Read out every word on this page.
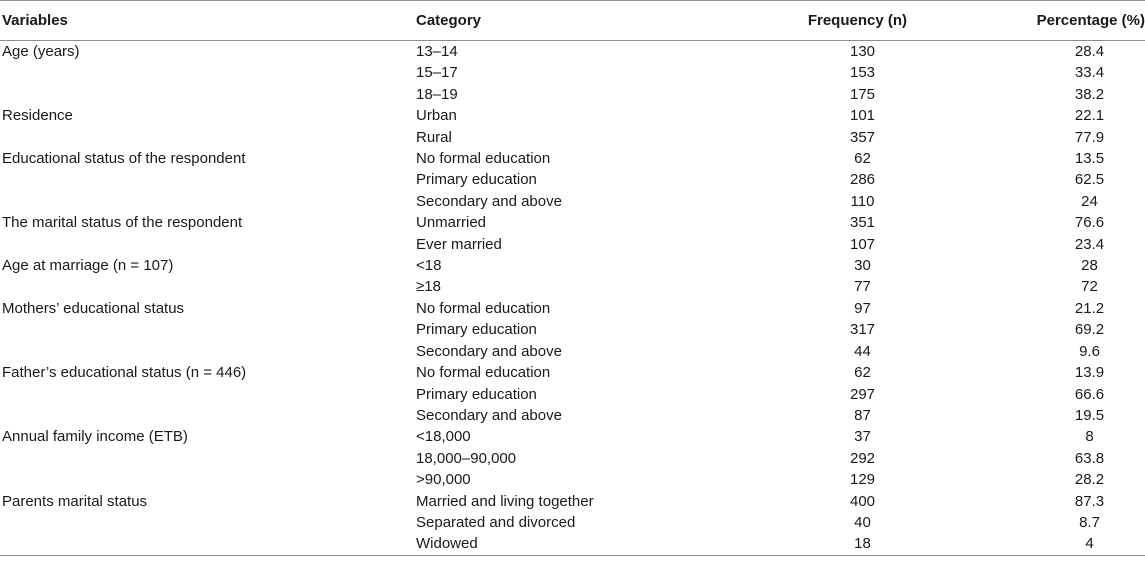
Variables	Category	Frequency (n)	Percentage (%)
Age (years)	13–14	130	28.4
	15–17	153	33.4
	18–19	175	38.2
Residence	Urban	101	22.1
	Rural	357	77.9
Educational status of the respondent	No formal education	62	13.5
	Primary education	286	62.5
	Secondary and above	110	24
The marital status of the respondent	Unmarried	351	76.6
	Ever married	107	23.4
Age at marriage (n = 107)	<18	30	28
	≥18	77	72
Mothers’ educational status	No formal education	97	21.2
	Primary education	317	69.2
	Secondary and above	44	9.6
Father’s educational status (n = 446)	No formal education	62	13.9
	Primary education	297	66.6
	Secondary and above	87	19.5
Annual family income (ETB)	<18,000	37	8
	18,000–90,000	292	63.8
	>90,000	129	28.2
Parents marital status	Married and living together	400	87.3
	Separated and divorced	40	8.7
	Widowed	18	4
